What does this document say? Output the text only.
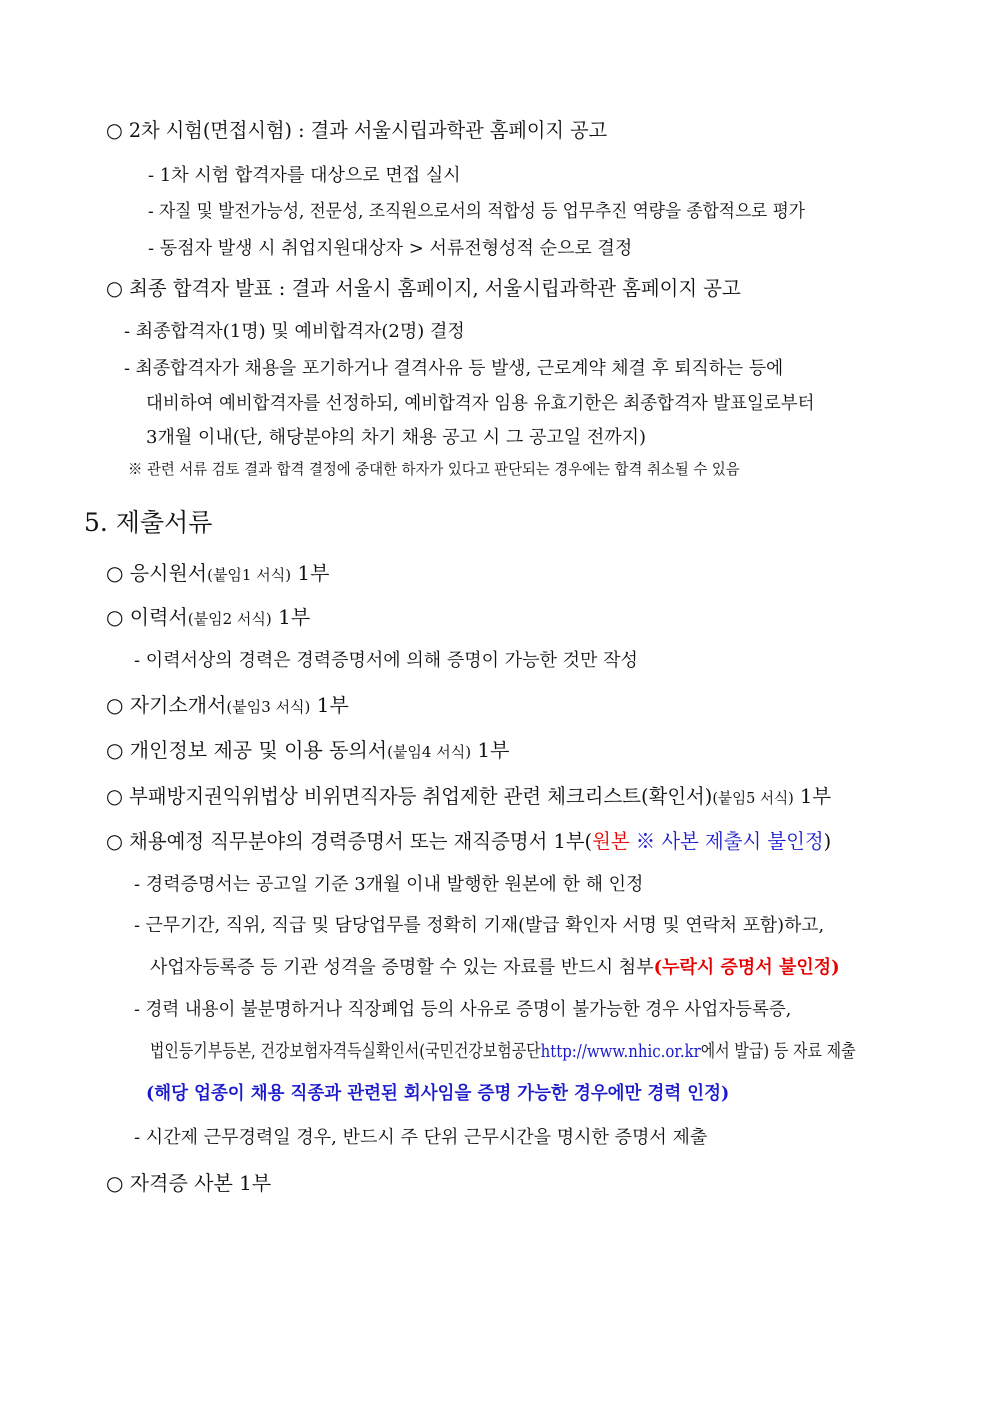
○ 2차 시험(면접시험) : 결과 서울시립과학관 홈페이지 공고
- 1차 시험 합격자를 대상으로 면접 실시
- 자질 및 발전가능성, 전문성, 조직원으로서의 적합성 등 업무추진 역량을 종합적으로 평가
- 동점자 발생 시 취업지원대상자 > 서류전형성적 순으로 결정
○ 최종 합격자 발표 : 결과 서울시 홈페이지, 서울시립과학관 홈페이지 공고
- 최종합격자(1명) 및 예비합격자(2명) 결정
- 최종합격자가 채용을 포기하거나 결격사유 등 발생, 근로계약 체결 후 퇴직하는 등에
대비하여 예비합격자를 선정하되, 예비합격자 임용 유효기한은 최종합격자 발표일로부터
3개월 이내(단, 해당분야의 차기 채용 공고 시 그 공고일 전까지)
※ 관련 서류 검토 결과 합격 결정에 중대한 하자가 있다고 판단되는 경우에는 합격 취소될 수 있음
5. 제출서류
○ 응시원서(붙임1 서식) 1부
○ 이력서(붙임2 서식) 1부
- 이력서상의 경력은 경력증명서에 의해 증명이 가능한 것만 작성
○ 자기소개서(붙임3 서식) 1부
○ 개인정보 제공 및 이용 동의서(붙임4 서식) 1부
○ 부패방지권익위법상 비위면직자등 취업제한 관련 체크리스트(확인서)(붙임5 서식) 1부
○ 채용예정 직무분야의 경력증명서 또는 재직증명서 1부(원본 ※ 사본 제출시 불인정)
- 경력증명서는 공고일 기준 3개월 이내 발행한 원본에 한 해 인정
- 근무기간, 직위, 직급 및 담당업무를 정확히 기재(발급 확인자 서명 및 연락처 포함)하고,
사업자등록증 등 기관 성격을 증명할 수 있는 자료를 반드시 첨부(누락시 증명서 불인정)
- 경력 내용이 불분명하거나 직장폐업 등의 사유로 증명이 불가능한 경우 사업자등록증,
법인등기부등본, 건강보험자격득실확인서(국민건강보험공단http://www.nhic.or.kr에서 발급) 등 자료 제출
(해당 업종이 채용 직종과 관련된 회사임을 증명 가능한 경우에만 경력 인정)
- 시간제 근무경력일 경우, 반드시 주 단위 근무시간을 명시한 증명서 제출
○ 자격증 사본 1부
